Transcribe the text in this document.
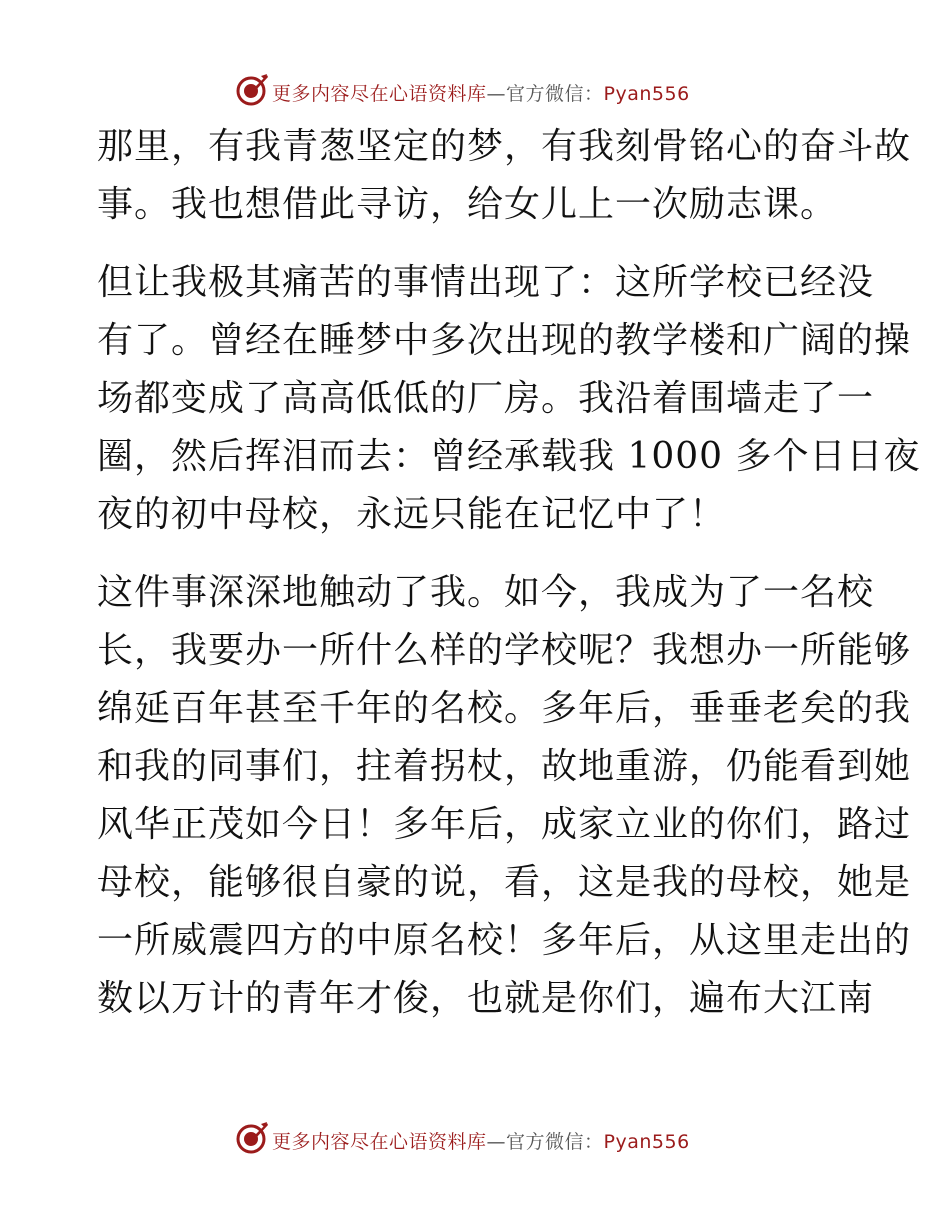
更多内容尽在心语资料库—官方微信：Pyan556
那里，有我青葱坚定的梦，有我刻骨铭心的奋斗故
事。我也想借此寻访，给女儿上一次励志课。
但让我极其痛苦的事情出现了：这所学校已经没
有了。曾经在睡梦中多次出现的教学楼和广阔的操
场都变成了高高低低的厂房。我沿着围墙走了一
圈，然后挥泪而去：曾经承载我 1000 多个日日夜
夜的初中母校，永远只能在记忆中了！
这件事深深地触动了我。如今，我成为了一名校
长，我要办一所什么样的学校呢？我想办一所能够
绵延百年甚至千年的名校。多年后，垂垂老矣的我
和我的同事们，拄着拐杖，故地重游，仍能看到她
风华正茂如今日！多年后，成家立业的你们，路过
母校，能够很自豪的说，看，这是我的母校，她是
一所威震四方的中原名校！多年后，从这里走出的
数以万计的青年才俊，也就是你们，遍布大江南
更多内容尽在心语资料库—官方微信：Pyan556
